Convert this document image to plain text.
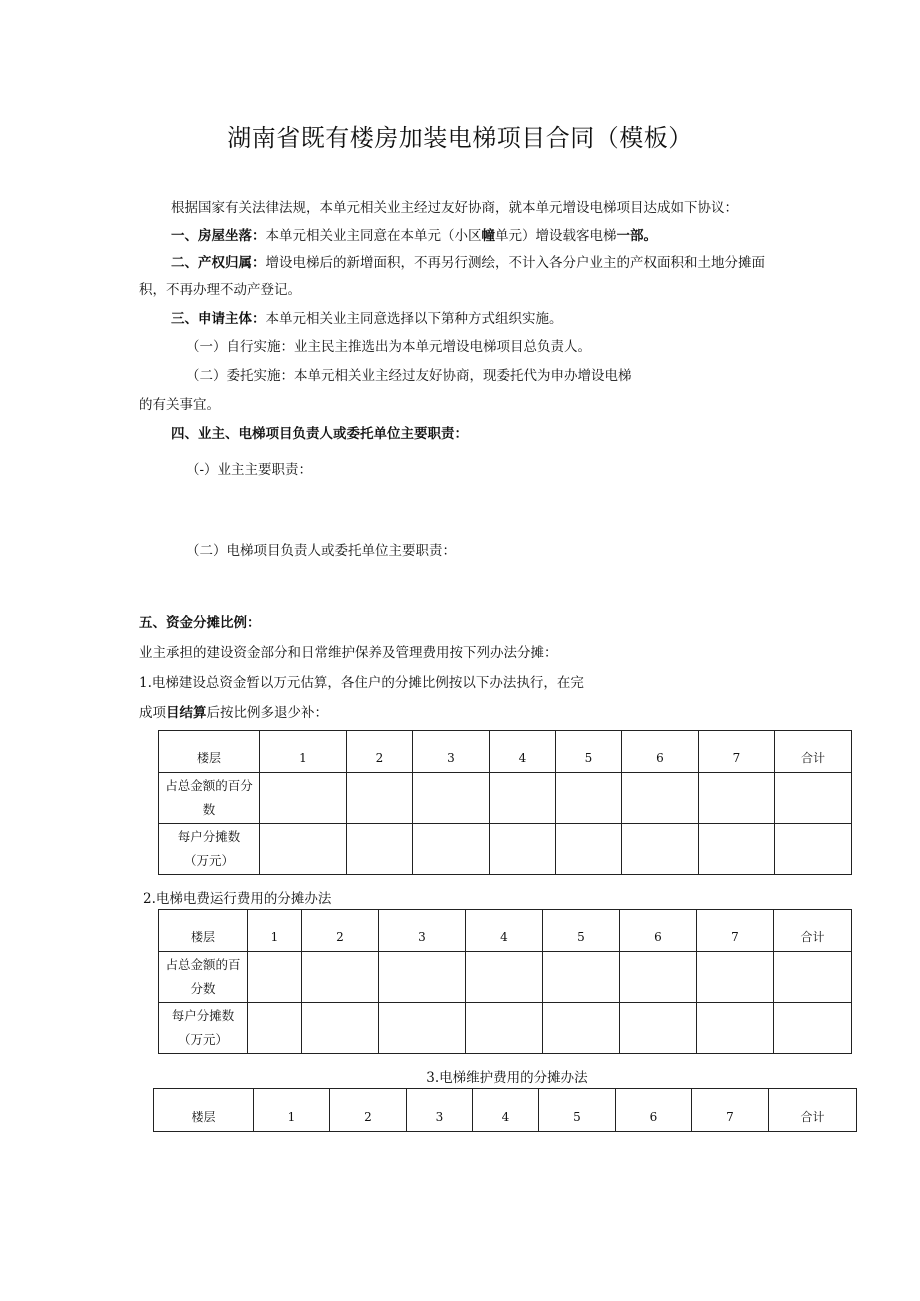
湖南省既有楼房加装电梯项目合同（模板）
根据国家有关法律法规，本单元相关业主经过友好协商，就本单元增设电梯项目达成如下协议：
一、房屋坐落：本单元相关业主同意在本单元（小区幢单元）增设载客电梯一部。
二、产权归属：增设电梯后的新增面积，不再另行测绘，不计入各分户业主的产权面积和土地分摊面
积，不再办理不动产登记。
三、申请主体：本单元相关业主同意选择以下第种方式组织实施。
（一）自行实施：业主民主推选出为本单元增设电梯项目总负责人。
（二）委托实施：本单元相关业主经过友好协商，现委托代为申办增设电梯
的有关事宜。
四、业主、电梯项目负责人或委托单位主要职责：
（-）业主主要职责：
（二）电梯项目负责人或委托单位主要职责：
五、资金分摊比例：
业主承担的建设资金部分和日常维护保养及管理费用按下列办法分摊：
1.电梯建设总资金暂以万元估算，各住户的分摊比例按以下办法执行，在完
成项目结算后按比例多退少补：
楼层	1	2	3	4	5	6	7	合计
占总金额的百分
数								
每户分摊数
（万元）								
2.电梯电费运行费用的分摊办法
楼层	1	2	3	4	5	6	7	合计
占总金额的百
分数								
每户分摊数
（万元）								
3.电梯维护费用的分摊办法
楼层	1	2	3	4	5	6	7	合计
